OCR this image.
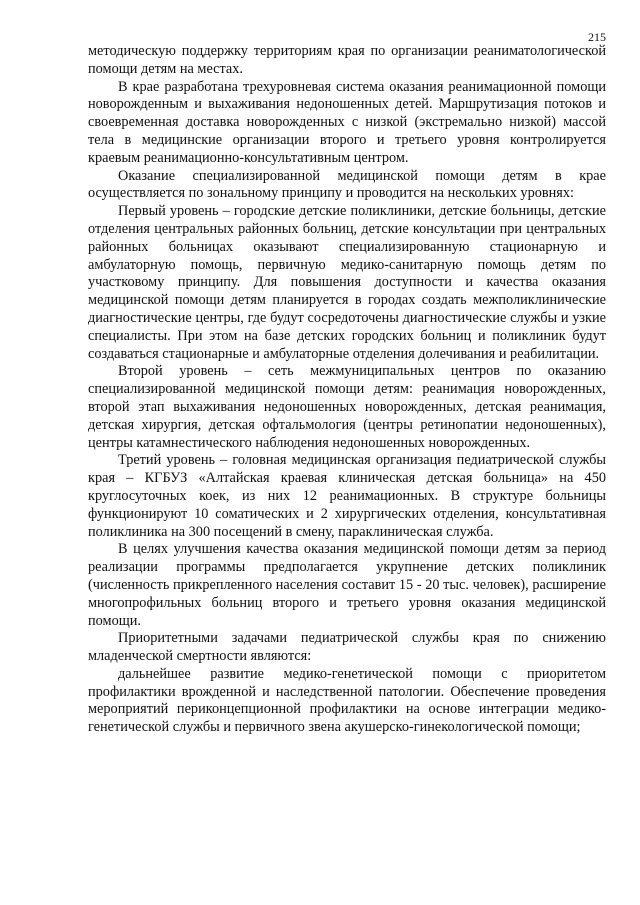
215

методическую поддержку территориям края по организации реаниматологической помощи детям на местах.

В крае разработана трехуровневая система оказания реанимационной помощи новорожденным и выхаживания недоношенных детей. Маршрутизация потоков и своевременная доставка новорожденных с низкой (экстремально низкой) массой тела в медицинские организации второго и третьего уровня контролируется краевым реанимационно-консультативным центром.

Оказание специализированной медицинской помощи детям в крае осуществляется по зональному принципу и проводится на нескольких уровнях:

Первый уровень – городские детские поликлиники, детские больницы, детские отделения центральных районных больниц, детские консультации при центральных районных больницах оказывают специализированную стационарную и амбулаторную помощь, первичную медико-санитарную помощь детям по участковому принципу. Для повышения доступности и качества оказания медицинской помощи детям планируется в городах создать межполиклинические диагностические центры, где будут сосредоточены диагностические службы и узкие специалисты. При этом на базе детских городских больниц и поликлиник будут создаваться стационарные и амбулаторные отделения долечивания и реабилитации.

Второй уровень – сеть межмуниципальных центров по оказанию специализированной медицинской помощи детям: реанимация новорожденных, второй этап выхаживания недоношенных новорожденных, детская реанимация, детская хирургия, детская офтальмология (центры ретинопатии недоношенных), центры катамнестического наблюдения недоношенных новорожденных.

Третий уровень – головная медицинская организация педиатрической службы края – КГБУЗ «Алтайская краевая клиническая детская больница» на 450 круглосуточных коек, из них 12 реанимационных. В структуре больницы функционируют 10 соматических и 2 хирургических отделения, консультативная поликлиника на 300 посещений в смену, параклиническая служба.

В целях улучшения качества оказания медицинской помощи детям за период реализации программы предполагается укрупнение детских поликлиник (численность прикрепленного населения составит 15 - 20 тыс. человек), расширение многопрофильных больниц второго и третьего уровня оказания медицинской помощи.

Приоритетными задачами педиатрической службы края по снижению младенческой смертности являются:

дальнейшее развитие медико-генетической помощи с приоритетом профилактики врожденной и наследственной патологии. Обеспечение проведения мероприятий периконцепционной профилактики на основе интеграции медико-генетической службы и первичного звена акушерско-гинекологической помощи;
